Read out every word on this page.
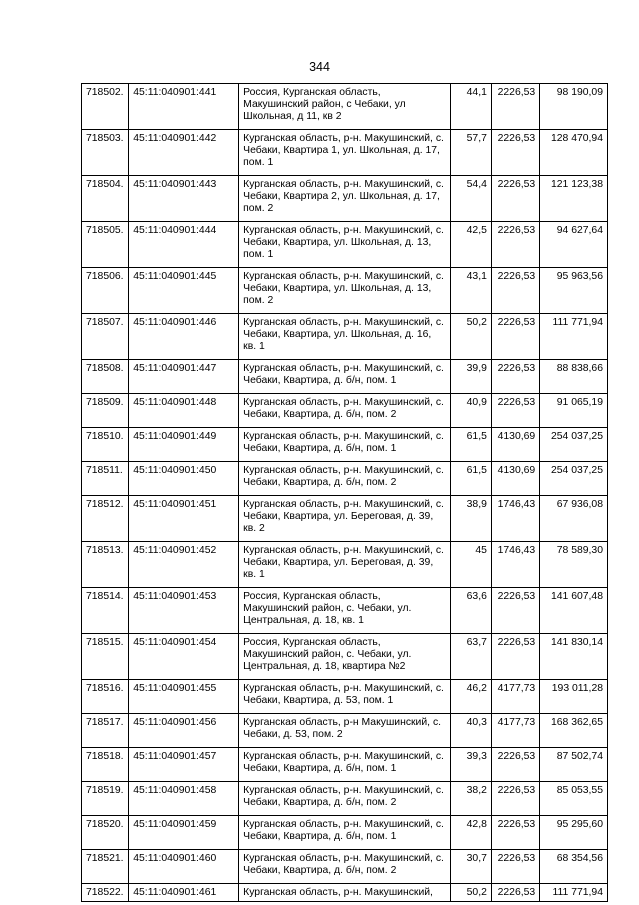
344
718502.	45:11:040901:441	Россия, Курганская область, Макушинский район, с Чебаки, ул Школьная, д 11, кв 2	44,1	2226,53	98 190,09
718503.	45:11:040901:442	Курганская область, р-н. Макушинский, с. Чебаки, Квартира 1, ул. Школьная, д. 17, пом. 1	57,7	2226,53	128 470,94
718504.	45:11:040901:443	Курганская область, р-н. Макушинский, с. Чебаки, Квартира 2, ул. Школьная, д. 17, пом. 2	54,4	2226,53	121 123,38
718505.	45:11:040901:444	Курганская область, р-н. Макушинский, с. Чебаки, Квартира, ул. Школьная, д. 13, пом. 1	42,5	2226,53	94 627,64
718506.	45:11:040901:445	Курганская область, р-н. Макушинский, с. Чебаки, Квартира, ул. Школьная, д. 13, пом. 2	43,1	2226,53	95 963,56
718507.	45:11:040901:446	Курганская область, р-н. Макушинский, с. Чебаки, Квартира, ул. Школьная, д. 16, кв. 1	50,2	2226,53	111 771,94
718508.	45:11:040901:447	Курганская область, р-н. Макушинский, с. Чебаки, Квартира, д. б/н, пом. 1	39,9	2226,53	88 838,66
718509.	45:11:040901:448	Курганская область, р-н. Макушинский, с. Чебаки, Квартира, д. б/н, пом. 2	40,9	2226,53	91 065,19
718510.	45:11:040901:449	Курганская область, р-н. Макушинский, с. Чебаки, Квартира, д. б/н, пом. 1	61,5	4130,69	254 037,25
718511.	45:11:040901:450	Курганская область, р-н. Макушинский, с. Чебаки, Квартира, д. б/н, пом. 2	61,5	4130,69	254 037,25
718512.	45:11:040901:451	Курганская область, р-н. Макушинский, с. Чебаки, Квартира, ул. Береговая, д. 39, кв. 2	38,9	1746,43	67 936,08
718513.	45:11:040901:452	Курганская область, р-н. Макушинский, с. Чебаки, Квартира, ул. Береговая, д. 39, кв. 1	45	1746,43	78 589,30
718514.	45:11:040901:453	Россия, Курганская область, Макушинский район, с. Чебаки, ул. Центральная, д. 18, кв. 1	63,6	2226,53	141 607,48
718515.	45:11:040901:454	Россия, Курганская область, Макушинский район, с. Чебаки, ул. Центральная, д. 18, квартира №2	63,7	2226,53	141 830,14
718516.	45:11:040901:455	Курганская область, р-н. Макушинский, с. Чебаки, Квартира, д. 53, пом. 1	46,2	4177,73	193 011,28
718517.	45:11:040901:456	Курганская область, р-н Макушинский, с. Чебаки, д. 53, пом. 2	40,3	4177,73	168 362,65
718518.	45:11:040901:457	Курганская область, р-н. Макушинский, с. Чебаки, Квартира, д. б/н, пом. 1	39,3	2226,53	87 502,74
718519.	45:11:040901:458	Курганская область, р-н. Макушинский, с. Чебаки, Квартира, д. б/н, пом. 2	38,2	2226,53	85 053,55
718520.	45:11:040901:459	Курганская область, р-н. Макушинский, с. Чебаки, Квартира, д. б/н, пом. 1	42,8	2226,53	95 295,60
718521.	45:11:040901:460	Курганская область, р-н. Макушинский, с. Чебаки, Квартира, д. б/н, пом. 2	30,7	2226,53	68 354,56
718522.	45:11:040901:461	Курганская область, р-н. Макушинский,	50,2	2226,53	111 771,94
